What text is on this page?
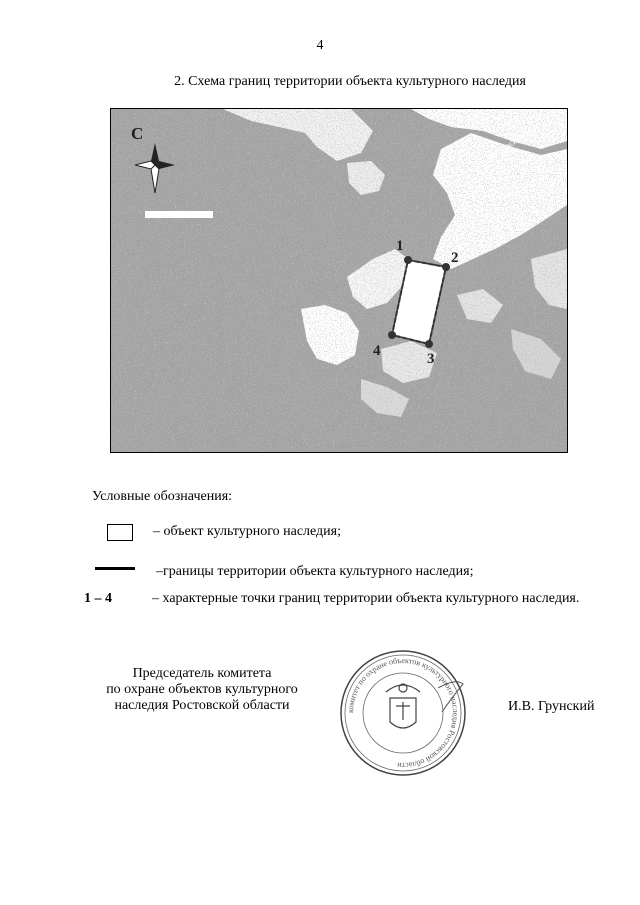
4
2. Схема границ территории объекта культурного наследия
С	Ростовская ул.
1
2
3
4
Условные обозначения:
– объект культурного наследия;
–границы территории объекта культурного наследия;
1 – 4	– характерные точки границ территории объекта культурного наследия.
Председатель комитета
по охране объектов культурного
наследия Ростовской области	комитет по охране объектов культурного наследия Ростовской области
И.В. Грунский
